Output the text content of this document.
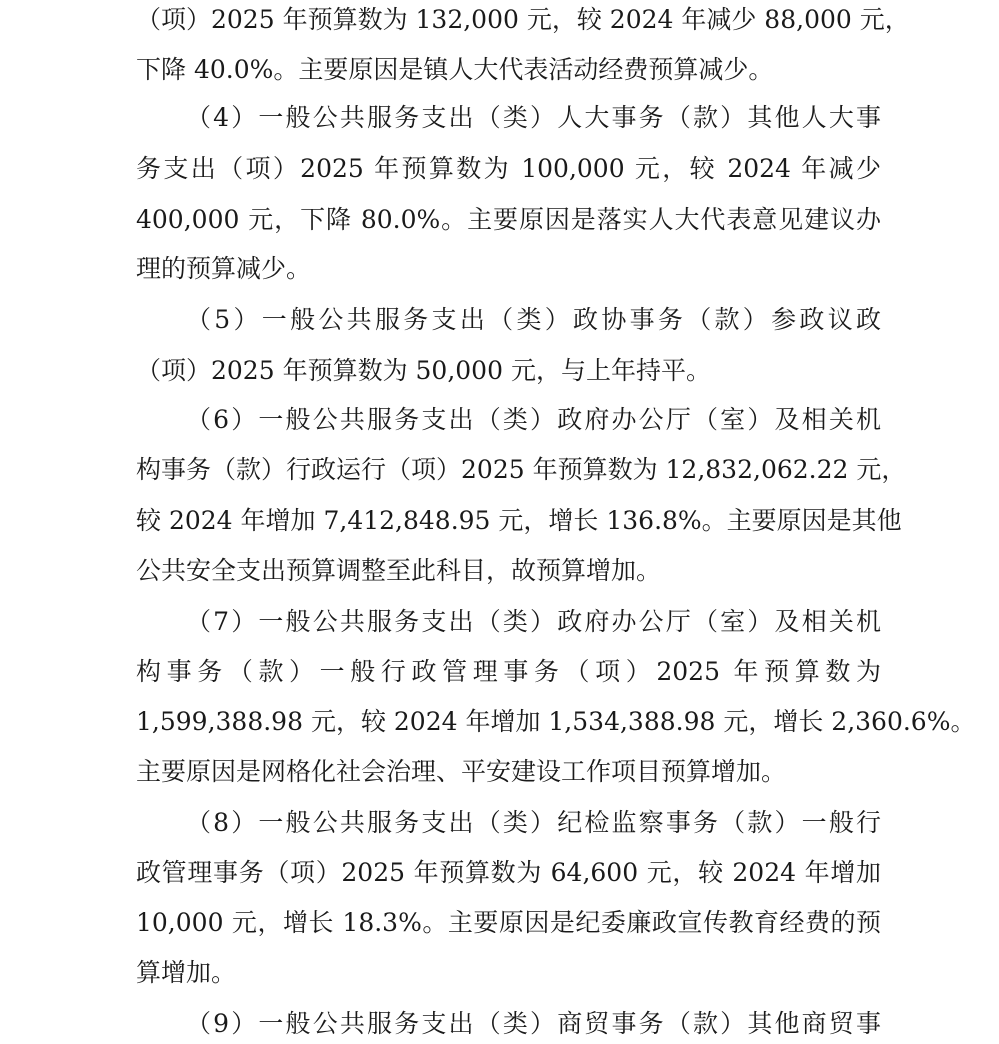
（项）2025 年预算数为 132,000 元，较 2024 年减少 88,000 元，
下降 40.0%。主要原因是镇人大代表活动经费预算减少。
（4）一般公共服务支出（类）人大事务（款）其他人大事
务支出（项）2025 年预算数为 100,000 元，较 2024 年减少
400,000 元，下降 80.0%。主要原因是落实人大代表意见建议办
理的预算减少。
（5）一般公共服务支出（类）政协事务（款）参政议政
（项）2025 年预算数为 50,000 元，与上年持平。
（6）一般公共服务支出（类）政府办公厅（室）及相关机
构事务（款）行政运行（项）2025 年预算数为 12,832,062.22 元，
较 2024 年增加 7,412,848.95 元，增长 136.8%。主要原因是其他
公共安全支出预算调整至此科目，故预算增加。
（7）一般公共服务支出（类）政府办公厅（室）及相关机
构事务（款）一般行政管理事务（项）2025 年预算数为
1,599,388.98 元，较 2024 年增加 1,534,388.98 元，增长 2,360.6%。
主要原因是网格化社会治理、平安建设工作项目预算增加。
（8）一般公共服务支出（类）纪检监察事务（款）一般行
政管理事务（项）2025 年预算数为 64,600 元，较 2024 年增加
10,000 元，增长 18.3%。主要原因是纪委廉政宣传教育经费的预
算增加。
（9）一般公共服务支出（类）商贸事务（款）其他商贸事
